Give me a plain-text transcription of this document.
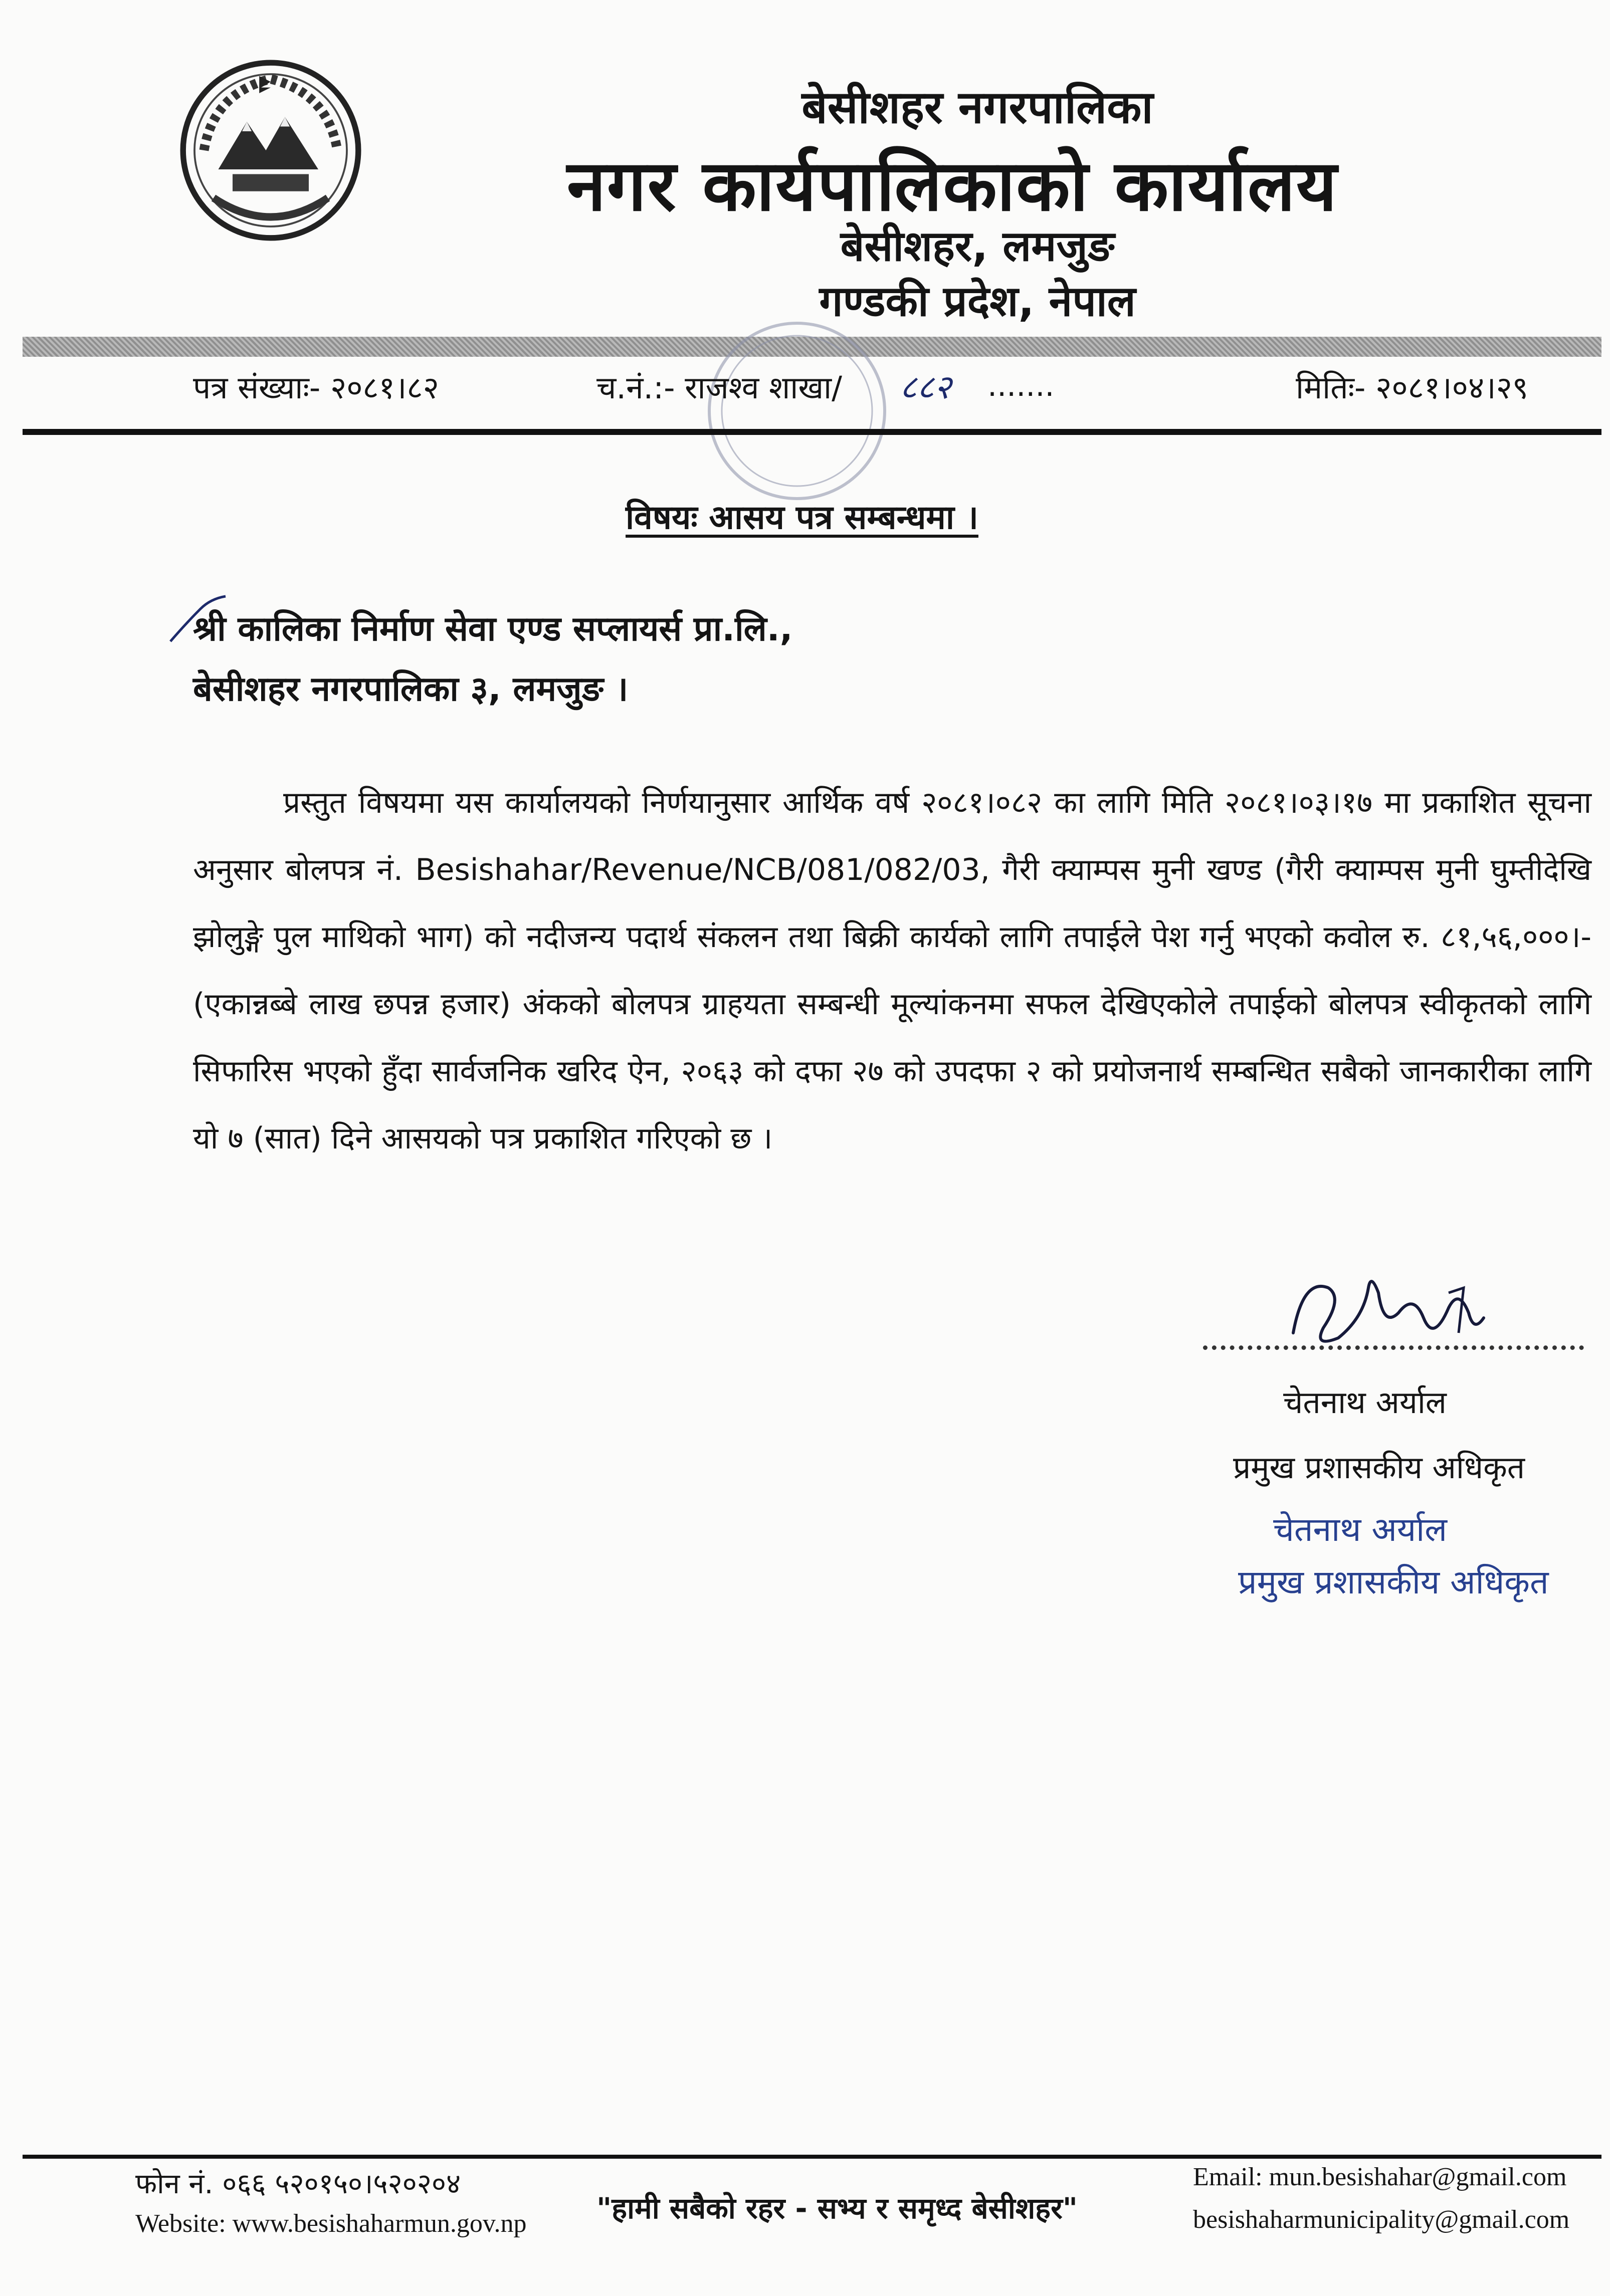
बेसीशहर नगरपालिका
नगर कार्यपालिकाको कार्यालय
बेसीशहर, लमजुङ
गण्डकी प्रदेश, नेपाल
पत्र संख्याः- २०८१।८२	च.नं.:- राजश्व शाखा/ ८८२ .......	मितिः- २०८१।०४।२९
विषयः आसय पत्र सम्बन्धमा ।
श्री कालिका निर्माण सेवा एण्ड सप्लायर्स प्रा.लि.,
बेसीशहर नगरपालिका ३, लमजुङ ।
प्रस्तुत विषयमा यस कार्यालयको निर्णयानुसार आर्थिक वर्ष २०८१।०८२ का लागि मिति २०८१।०३।१७ मा प्रकाशित सूचना अनुसार बोलपत्र नं. Besishahar/Revenue/NCB/081/082/03, गैरी क्याम्पस मुनी खण्ड (गैरी क्याम्पस मुनी घुम्तीदेखि झोलुङ्गे पुल माथिको भाग) को नदीजन्य पदार्थ संकलन तथा बिक्री कार्यको लागि तपाईले पेश गर्नु भएको कवोल रु. ८१,५६,०००।- (एकान्नब्बे लाख छपन्न हजार) अंकको बोलपत्र ग्राहयता सम्बन्धी मूल्यांकनमा सफल देखिएकोले तपाईको बोलपत्र स्वीकृतको लागि सिफारिस भएको हुँदा सार्वजनिक खरिद ऐन, २०६३ को दफा २७ को उपदफा २ को प्रयोजनार्थ सम्बन्धित सबैको जानकारीका लागि यो ७ (सात) दिने आसयको पत्र प्रकाशित गरिएको छ ।
चेतनाथ अर्याल
प्रमुख प्रशासकीय अधिकृत
चेतनाथ अर्याल
प्रमुख प्रशासकीय अधिकृत
फोन नं. ०६६ ५२०१५०।५२०२०४
Website: www.besishaharmun.gov.np "हामी सबैको रहर - सभ्य र समृध्द बेसीशहर"
Email: mun.besishahar@gmail.com
besishaharmunicipality@gmail.com
